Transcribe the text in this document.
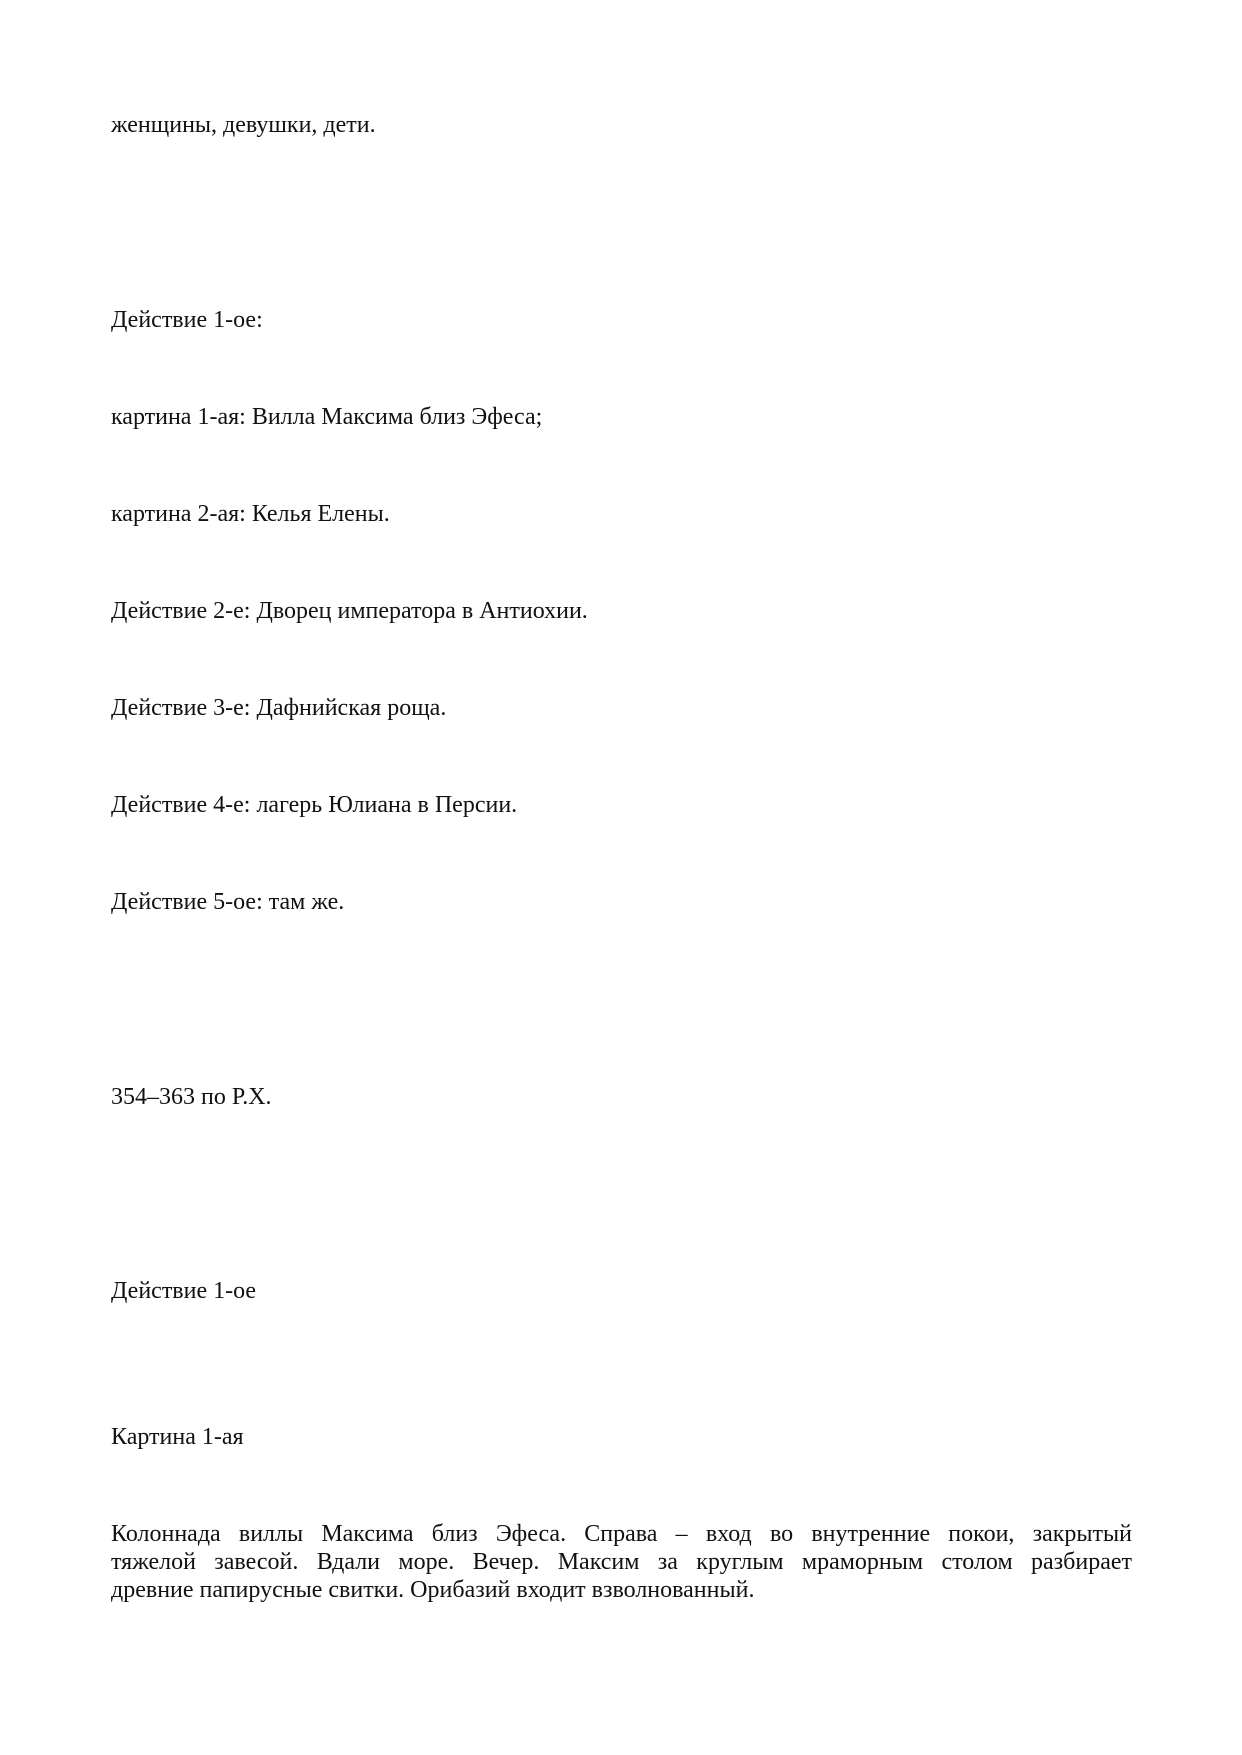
женщины, девушки, дети.
Действие 1-ое:
картина 1-ая: Вилла Максима близ Эфеса;
картина 2-ая: Келья Елены.
Действие 2-е: Дворец императора в Антиохии.
Действие 3-е: Дафнийская роща.
Действие 4-е: лагерь Юлиана в Персии.
Действие 5-ое: там же.
354–363 по Р.Х.
Действие 1-ое
Картина 1-ая
Колоннада виллы Максима близ Эфеса. Справа – вход во внутренние покои, закрытый
тяжелой завесой. Вдали море. Вечер. Максим за круглым мраморным столом разбирает
древние папирусные свитки. Орибазий входит взволнованный.
